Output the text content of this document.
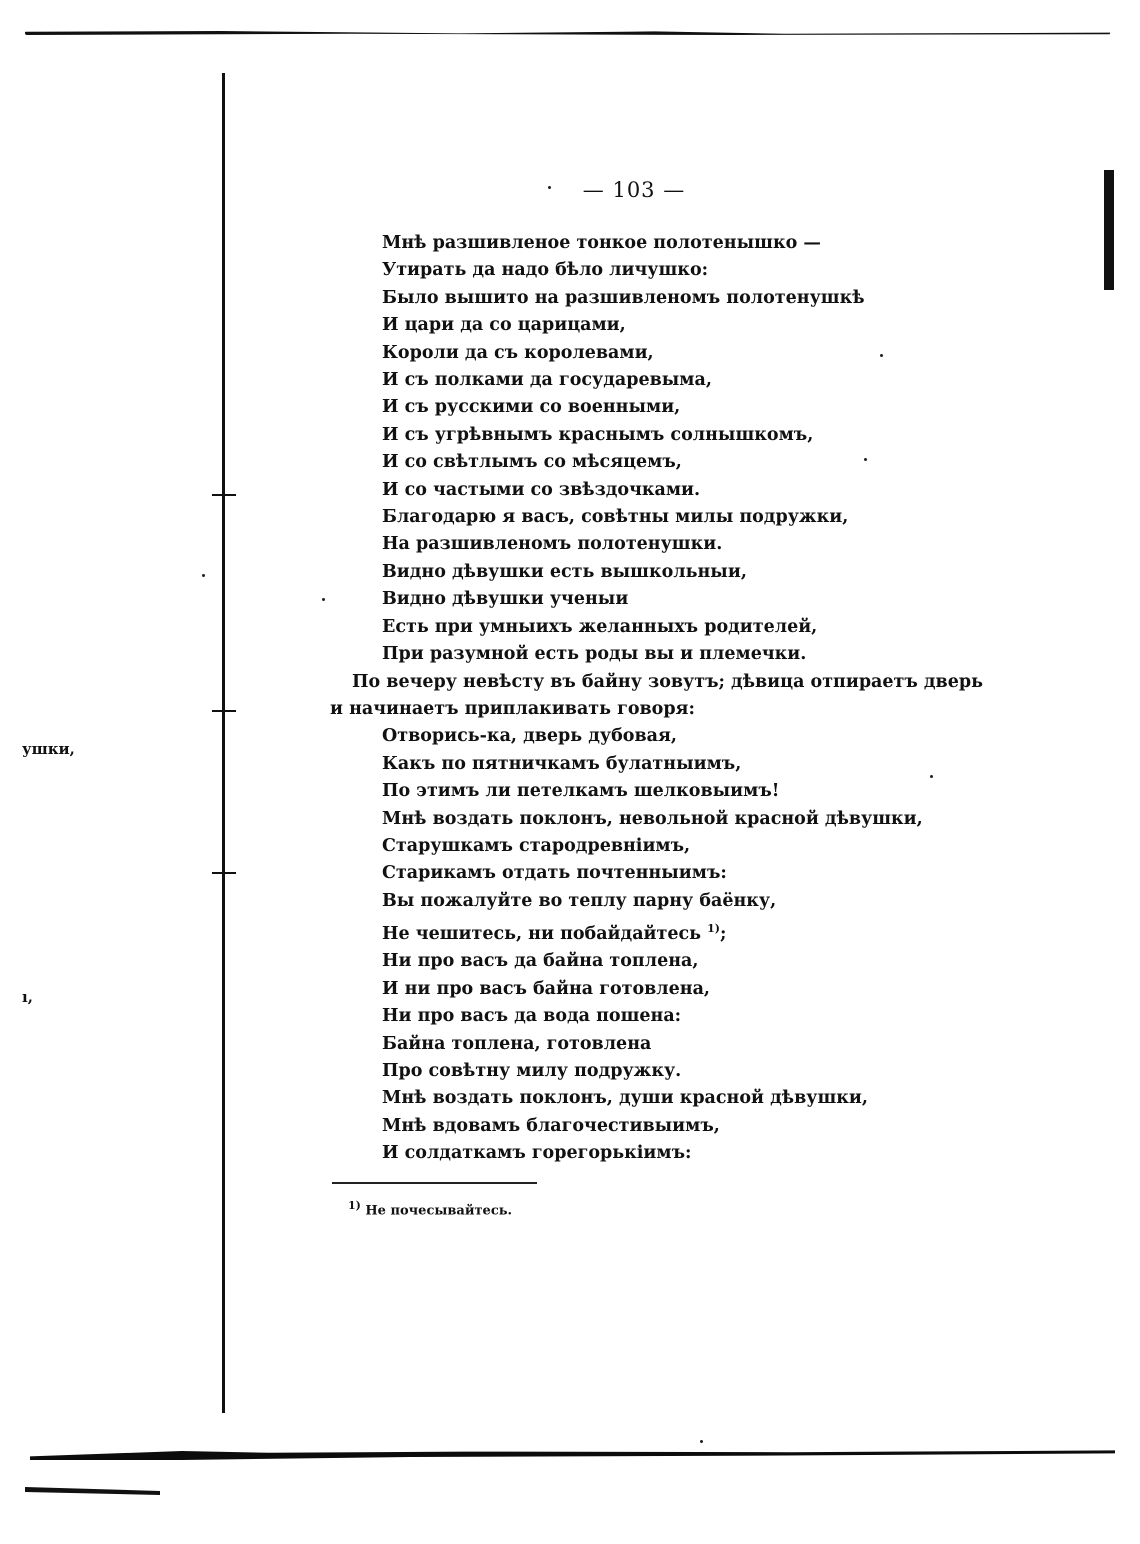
ушки,
ı,
— 103 —
Мнѣ разшивленое тонкое полотенышко —
Утирать да надо бѣло личушко:
Было вышито на разшивленомъ полотенушкѣ
И цари да со царицами,
Короли да съ королевами,
И съ полками да государевыма,
И съ русскими со военными,
И съ угрѣвнымъ краснымъ солнышкомъ,
И со свѣтлымъ со мѣсяцемъ,
И со частыми со звѣздочками.
Благодарю я васъ, совѣтны милы подружки,
На разшивленомъ полотенушки.
Видно дѣвушки есть вышкольныи,
Видно дѣвушки ученыи
Есть при умныихъ желанныхъ родителей,
При разумной есть роды вы и племечки.
По вечеру невѣсту въ байну зовутъ; дѣвица отпираетъ дверь
и начинаетъ приплакивать говоря:
Отворись-ка, дверь дубовая,
Какъ по пятничкамъ булатныимъ,
По этимъ ли петелкамъ шелковыимъ!
Мнѣ воздать поклонъ, невольной красной дѣвушки,
Старушкамъ стародревніимъ,
Старикамъ отдать почтенныимъ:
Вы пожалуйте во теплу парну баёнку,
Не чешитесь, ни побайдайтесь $^{1)}$;
Ни про васъ да байна топлена,
И ни про васъ байна готовлена,
Ни про васъ да вода пошена:
Байна топлена, готовлена
Про совѣтну милу подружку.
Мнѣ воздать поклонъ, души красной дѣвушки,
Мнѣ вдовамъ благочестивыимъ,
И солдаткамъ горегорькіимъ:
$^{1)}$ Не почесывайтесь.
